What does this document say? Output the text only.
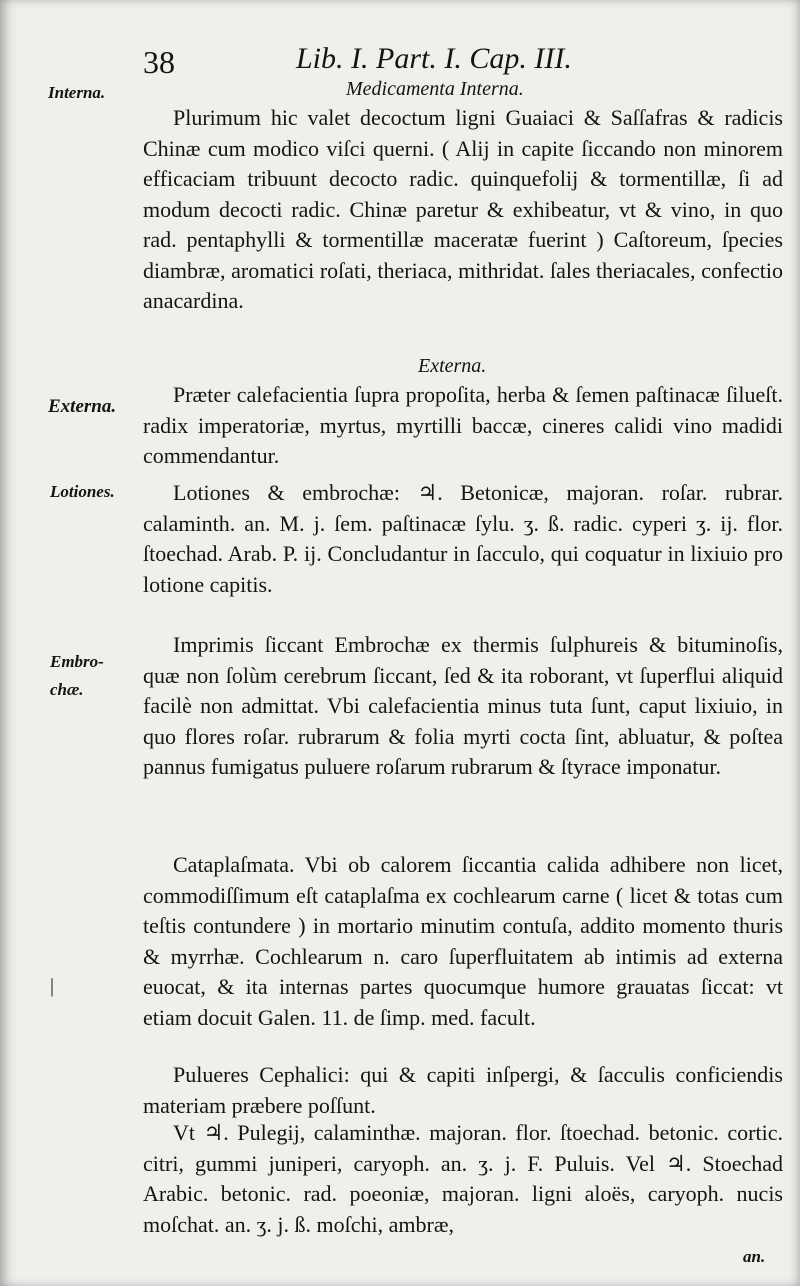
38	Lib. I. Part. I. Cap. III.
Interna.
Externa.
Lotiones.
Embro- chæ.
|
an.
Medicamenta Interna.
Externa.

Plurimum hic valet decoctum ligni Guaiaci & Saſſafras & radicis Chinæ cum modico viſci querni. ( Alij in capite ſiccando non minorem efficaciam tribuunt decocto radic. quinquefolij & tormentillæ, ſi ad modum decocti radic. Chinæ paretur & exhibeatur, vt & vino, in quo rad. pentaphylli & tormentillæ maceratæ fuerint ) Caſtoreum, ſpecies diambræ, aromatici roſati, theriaca, mithridat. ſales theriacales, confectio anacardina.

Præter calefacientia ſupra propoſita, herba & ſemen paſtinacæ ſilueſt. radix imperatoriæ, myrtus, myrtilli baccæ, cineres calidi vino madidi commendantur.

Lotiones & embrochæ: ♃. Betonicæ, majoran. roſar. rubrar. calaminth. an. M. j. ſem. paſtinacæ ſylu. ʒ. ß. radic. cyperi ʒ. ij. flor. ſtoechad. Arab. P. ij. Concludantur in ſacculo, qui coquatur in lixiuio pro lotione capitis.

Imprimis ſiccant Embrochæ ex thermis ſulphureis & bituminoſis, quæ non ſolùm cerebrum ſiccant, ſed & ita roborant, vt ſuperflui aliquid facilè non admittat. Vbi calefacientia minus tuta ſunt, caput lixiuio, in quo flores roſar. rubrarum & folia myrti cocta ſint, abluatur, & poſtea pannus fumigatus puluere roſarum rubrarum & ſtyrace imponatur.

Cataplaſmata. Vbi ob calorem ſiccantia calida adhibere non licet, commodiſſimum eſt cataplaſma ex cochlearum carne ( licet & totas cum teſtis contundere ) in mortario minutim contuſa, addito momento thuris & myrrhæ. Cochlearum n. caro ſuperfluitatem ab intimis ad externa euocat, & ita internas partes quocumque humore grauatas ſiccat: vt etiam docuit Galen. 11. de ſimp. med. facult.

Pulueres Cephalici: qui & capiti inſpergi, & ſacculis conficiendis materiam præbere poſſunt.

Vt ♃. Pulegij, calaminthæ. majoran. flor. ſtoechad. betonic. cortic. citri, gummi juniperi, caryoph. an. ʒ. j. F. Puluis. Vel ♃. Stoechad Arabic. betonic. rad. poeoniæ, majoran. ligni aloës, caryoph. nucis moſchat. an. ʒ. j. ß. moſchi, ambræ,
